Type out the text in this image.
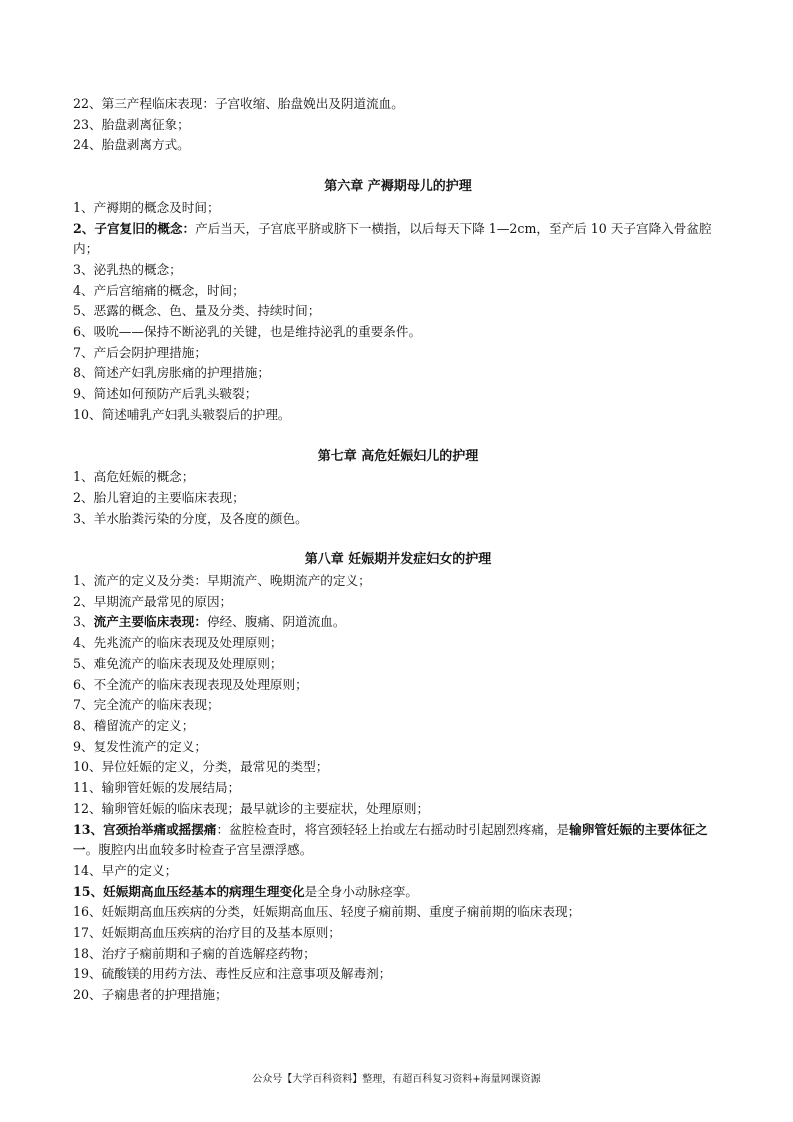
22、第三产程临床表现：子宫收缩、胎盘娩出及阴道流血。
23、胎盘剥离征象；
24、胎盘剥离方式。
第六章 产褥期母儿的护理
1、产褥期的概念及时间；
2、子宫复旧的概念：产后当天，子宫底平脐或脐下一横指，以后每天下降 1—2cm，至产后 10 天子宫降入骨盆腔内；
3、泌乳热的概念；
4、产后宫缩痛的概念，时间；
5、恶露的概念、色、量及分类、持续时间；
6、吸吮——保持不断泌乳的关键，也是维持泌乳的重要条件。
7、产后会阴护理措施；
8、简述产妇乳房胀痛的护理措施；
9、简述如何预防产后乳头皲裂；
10、简述哺乳产妇乳头皲裂后的护理。
第七章 高危妊娠妇儿的护理
1、高危妊娠的概念；
2、胎儿窘迫的主要临床表现；
3、羊水胎粪污染的分度，及各度的颜色。
第八章 妊娠期并发症妇女的护理
1、流产的定义及分类：早期流产、晚期流产的定义；
2、早期流产最常见的原因；
3、流产主要临床表现：停经、腹痛、阴道流血。
4、先兆流产的临床表现及处理原则；
5、难免流产的临床表现及处理原则；
6、不全流产的临床表现表现及处理原则；
7、完全流产的临床表现；
8、稽留流产的定义；
9、复发性流产的定义；
10、异位妊娠的定义，分类，最常见的类型；
11、输卵管妊娠的发展结局；
12、输卵管妊娠的临床表现；最早就诊的主要症状，处理原则；
13、宫颈抬举痛或摇摆痛：盆腔检查时，将宫颈轻轻上抬或左右摇动时引起剧烈疼痛，是输卵管妊娠的主要体征之一。腹腔内出血较多时检查子宫呈漂浮感。
14、早产的定义；
15、妊娠期高血压经基本的病理生理变化是全身小动脉痉挛。
16、妊娠期高血压疾病的分类，妊娠期高血压、轻度子痫前期、重度子痫前期的临床表现；
17、妊娠期高血压疾病的治疗目的及基本原则；
18、治疗子痫前期和子痫的首选解痉药物；
19、硫酸镁的用药方法、毒性反应和注意事项及解毒剂；
20、子痫患者的护理措施；
公众号【大学百科资料】整理，有超百科复习资料+海量网课资源
